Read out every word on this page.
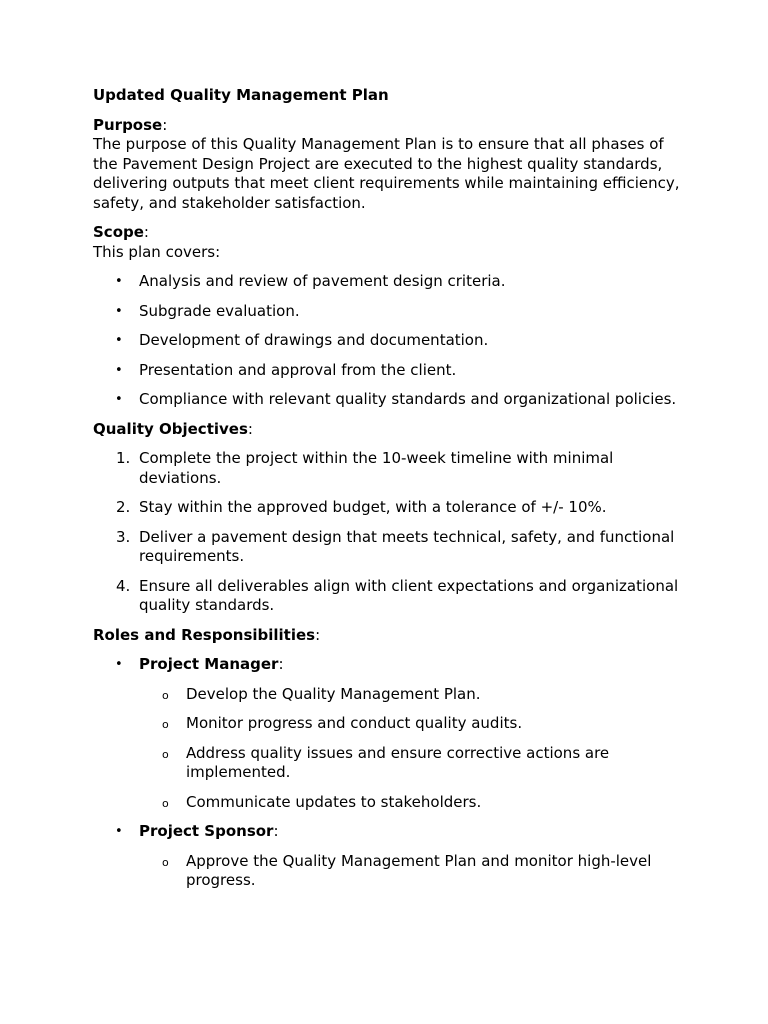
Updated Quality Management Plan

Purpose:

The purpose of this Quality Management Plan is to ensure that all phases of the Pavement Design Project are executed to the highest quality standards, delivering outputs that meet client requirements while maintaining efficiency, safety, and stakeholder satisfaction.

Scope:

This plan covers:

• Analysis and review of pavement design criteria.
• Subgrade evaluation.
• Development of drawings and documentation.
• Presentation and approval from the client.
• Compliance with relevant quality standards and organizational policies.

Quality Objectives:

1. Complete the project within the 10-week timeline with minimal deviations.
2. Stay within the approved budget, with a tolerance of +/- 10%.
3. Deliver a pavement design that meets technical, safety, and functional requirements.
4. Ensure all deliverables align with client expectations and organizational quality standards.

Roles and Responsibilities:

• Project Manager:
o Develop the Quality Management Plan.
o Monitor progress and conduct quality audits.
o Address quality issues and ensure corrective actions are implemented.
o Communicate updates to stakeholders.
• Project Sponsor:
o Approve the Quality Management Plan and monitor high-level progress.
